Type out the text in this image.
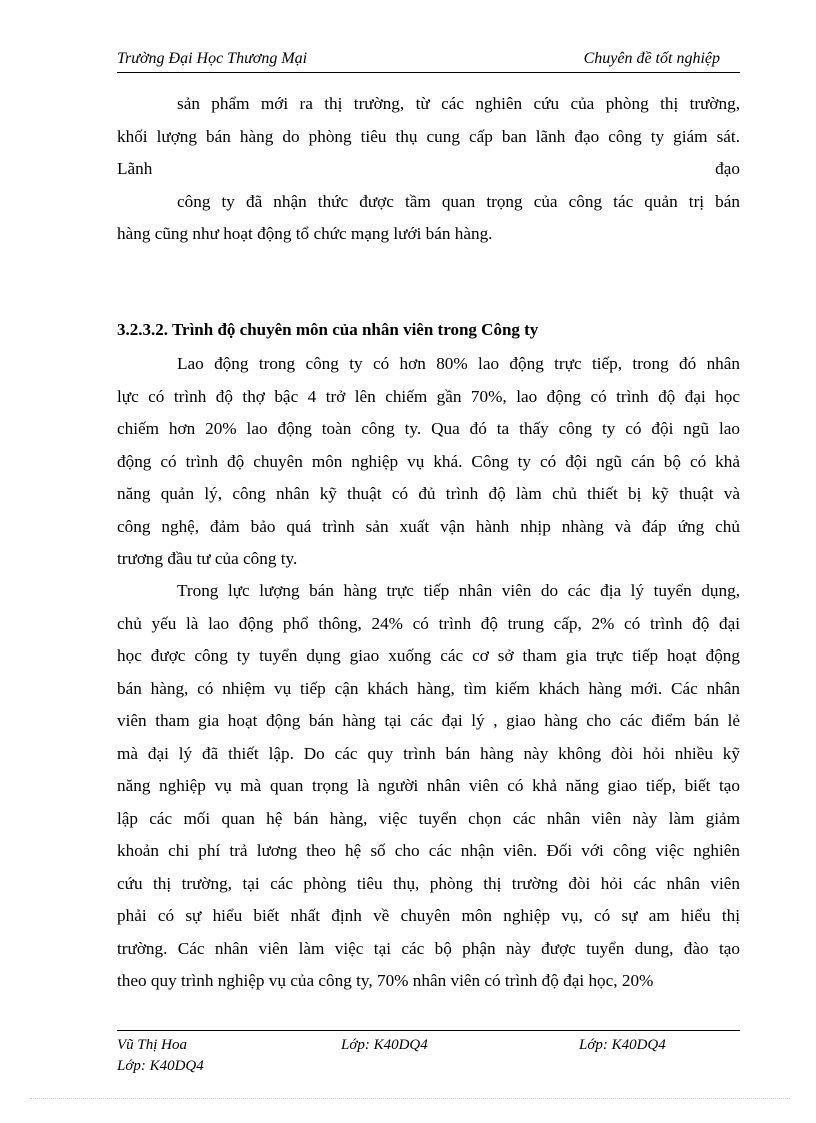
Trường Đại Học Thương Mại	Chuyên đề tốt nghiệp
sản phẩm mới ra thị trường, từ các nghiên cứu của phòng thị trường,
khối lượng bán hàng do phòng tiêu thụ cung cấp ban lãnh đạo công ty giám sát.
Lãnh	đạo
công ty đã nhận thức được tầm quan trọng của công tác quản trị bán
hàng cũng như hoạt động tổ chức mạng lưới bán hàng.
3.2.3.2. Trình độ chuyên môn của nhân viên trong Công ty
Lao động trong công ty có hơn 80% lao động trực tiếp, trong đó nhân
lực có trình độ thợ bậc 4 trở lên chiếm gần 70%, lao động có trình độ đại học
chiếm hơn 20% lao động toàn công ty. Qua đó ta thấy công ty có đội ngũ lao
động có trình độ chuyên môn nghiệp vụ khá. Công ty có đội ngũ cán bộ có khả
năng quản lý, công nhân kỹ thuật có đủ trình độ làm chủ thiết bị kỹ thuật và
công nghệ, đảm bảo quá trình sản xuất vận hành nhịp nhàng và đáp ứng chủ
trương đầu tư của công ty.
Trong lực lượng bán hàng trực tiếp nhân viên do các địa lý tuyển dụng,
chủ yếu là lao động phổ thông, 24% có trình độ trung cấp, 2% có trình độ đại
học được công ty tuyển dụng giao xuống các cơ sở tham gia trực tiếp hoạt động
bán hàng, có nhiệm vụ tiếp cận khách hàng, tìm kiếm khách hàng mới. Các nhân
viên tham gia hoạt động bán hàng tại các đại lý , giao hàng cho các điểm bán lẻ
mà đại lý đã thiết lập. Do các quy trình bán hàng này không đòi hỏi nhiều kỹ
năng nghiệp vụ mà quan trọng là người nhân viên có khả năng giao tiếp, biết tạo
lập các mối quan hệ bán hàng, việc tuyển chọn các nhân viên này làm giảm
khoản chi phí trả lương theo hệ số cho các nhận viên. Đối với công việc nghiên
cứu thị trường, tại các phòng tiêu thụ, phòng thị trường đòi hỏi các nhân viên
phải có sự hiểu biết nhất định về chuyên môn nghiệp vụ, có sự am hiểu thị
trường. Các nhân viên làm việc tại các bộ phận này được tuyển dung, đào tạo
theo quy trình nghiệp vụ của công ty, 70% nhân viên có trình độ đại học, 20%
Vũ Thị Hoa	Lớp: K40DQ4	Lớp: K40DQ4
Lớp: K40DQ4
